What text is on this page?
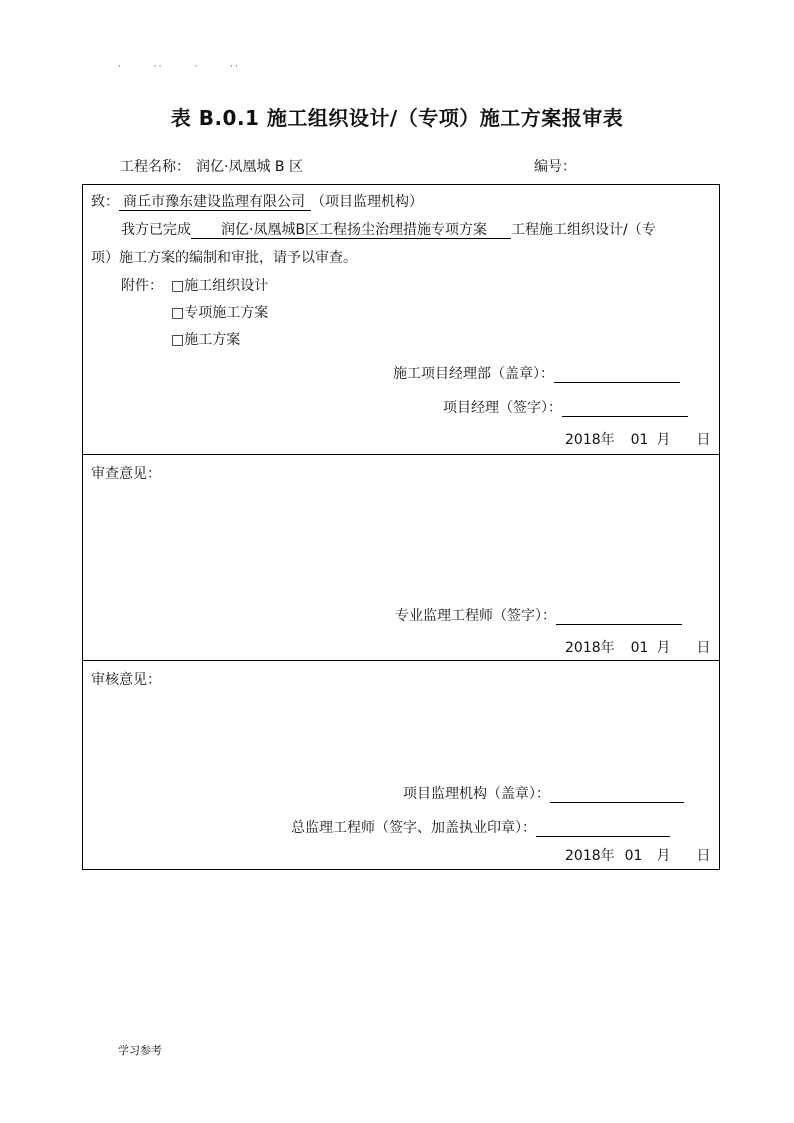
·	··	·	··
表 B.0.1 施工组织设计/（专项）施工方案报审表
工程名称： 润亿·凤凰城 B 区	编号：
致： 商丘市豫东建设监理有限公司 （项目监理机构）
我方已完成 润亿·凤凰城B区工程扬尘治理措施专项方案 工程施工组织设计/（专
项）施工方案的编制和审批，请予以审查。
附件： □施工组织设计
□专项施工方案
□施工方案
施工项目经理部（盖章）：
项目经理（签字）：
2018年 01 月 日
审查意见：
专业监理工程师（签字）：
2018年 01 月 日
审核意见：
项目监理机构（盖章）：
总监理工程师（签字、加盖执业印章）：
2018年 01 月 日
学习参考
